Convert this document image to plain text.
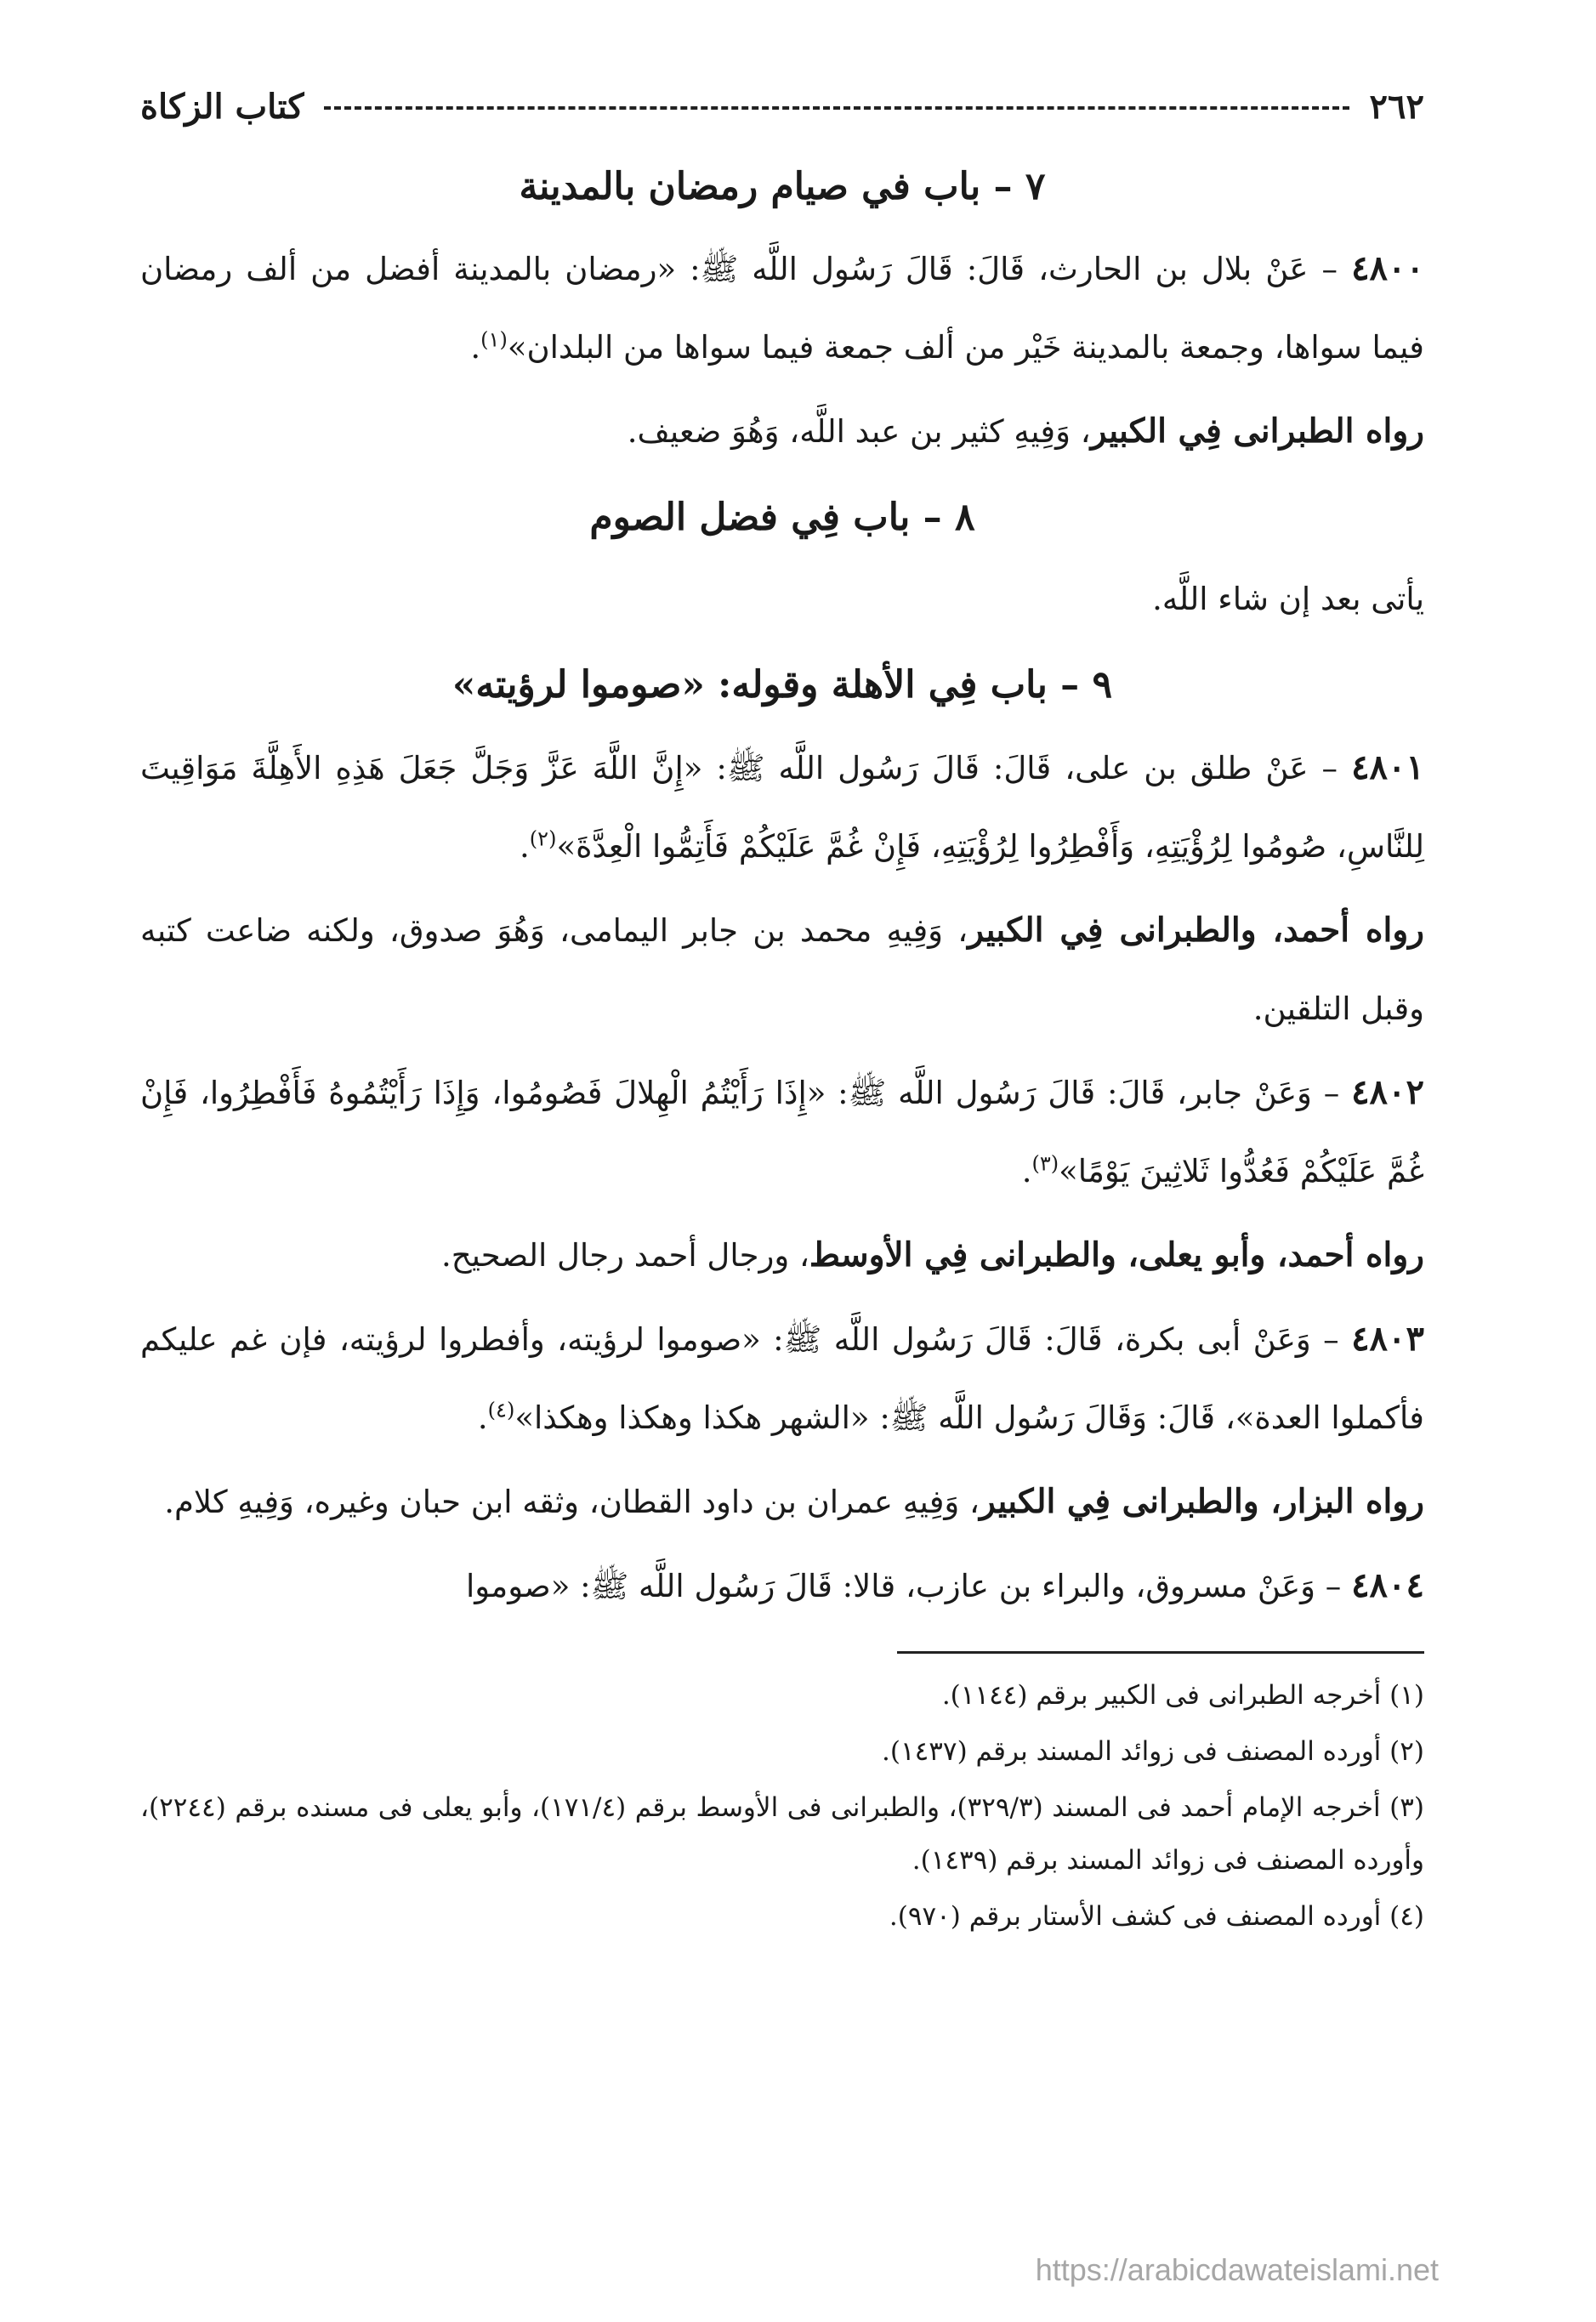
٢٦٢
كتاب الزكاة
٧ – باب في صيام رمضان بالمدينة

٤٨٠٠ – عَنْ بلال بن الحارث، قَالَ: قَالَ رَسُول اللَّه ﷺ: «رمضان بالمدينة أفضل من ألف رمضان فيما سواها، وجمعة بالمدينة خَيْر من ألف جمعة فيما سواها من البلدان»$^{(١)}$.

رواه الطبرانى فِي الكبير، وَفِيهِ كثير بن عبد اللَّه، وَهُوَ ضعيف.

٨ – باب فِي فضل الصوم

يأتى بعد إن شاء اللَّه.

٩ – باب فِي الأهلة وقوله: «صوموا لرؤيته»

٤٨٠١ – عَنْ طلق بن على، قَالَ: قَالَ رَسُول اللَّه ﷺ: «إِنَّ اللَّهَ عَزَّ وَجَلَّ جَعَلَ هَذِهِ الأَهِلَّةَ مَوَاقِيتَ لِلنَّاسِ، صُومُوا لِرُؤْيَتِهِ، وَأَفْطِرُوا لِرُؤْيَتِهِ، فَإِنْ غُمَّ عَلَيْكُمْ فَأَتِمُّوا الْعِدَّةَ»$^{(٢)}$.

رواه أحمد، والطبرانى فِي الكبير، وَفِيهِ محمد بن جابر اليمامى، وَهُوَ صدوق، ولكنه ضاعت كتبه وقبل التلقين.

٤٨٠٢ – وَعَنْ جابر، قَالَ: قَالَ رَسُول اللَّه ﷺ: «إِذَا رَأَيْتُمُ الْهِلالَ فَصُومُوا، وَإِذَا رَأَيْتُمُوهُ فَأَفْطِرُوا، فَإِنْ غُمَّ عَلَيْكُمْ فَعُدُّوا ثَلاثِينَ يَوْمًا»$^{(٣)}$.

رواه أحمد، وأبو يعلى، والطبرانى فِي الأوسط، ورجال أحمد رجال الصحيح.

٤٨٠٣ – وَعَنْ أبى بكرة، قَالَ: قَالَ رَسُول اللَّه ﷺ: «صوموا لرؤيته، وأفطروا لرؤيته، فإن غم عليكم فأكملوا العدة»، قَالَ: وَقَالَ رَسُول اللَّه ﷺ: «الشهر هكذا وهكذا وهكذا»$^{(٤)}$.

رواه البزار، والطبرانى فِي الكبير، وَفِيهِ عمران بن داود القطان، وثقه ابن حبان وغيره، وَفِيهِ كلام.

٤٨٠٤ – وَعَنْ مسروق، والبراء بن عازب، قالا: قَالَ رَسُول اللَّه ﷺ: «صوموا

(١) أخرجه الطبرانى فى الكبير برقم (١١٤٤).

(٢) أورده المصنف فى زوائد المسند برقم (١٤٣٧).

(٣) أخرجه الإمام أحمد فى المسند (٣٢٩/٣)، والطبرانى فى الأوسط برقم (١٧١/٤)، وأبو يعلى فى مسنده برقم (٢٢٤٤)، وأورده المصنف فى زوائد المسند برقم (١٤٣٩).

(٤) أورده المصنف فى كشف الأستار برقم (٩٧٠).

https://arabicdawateislami.net
